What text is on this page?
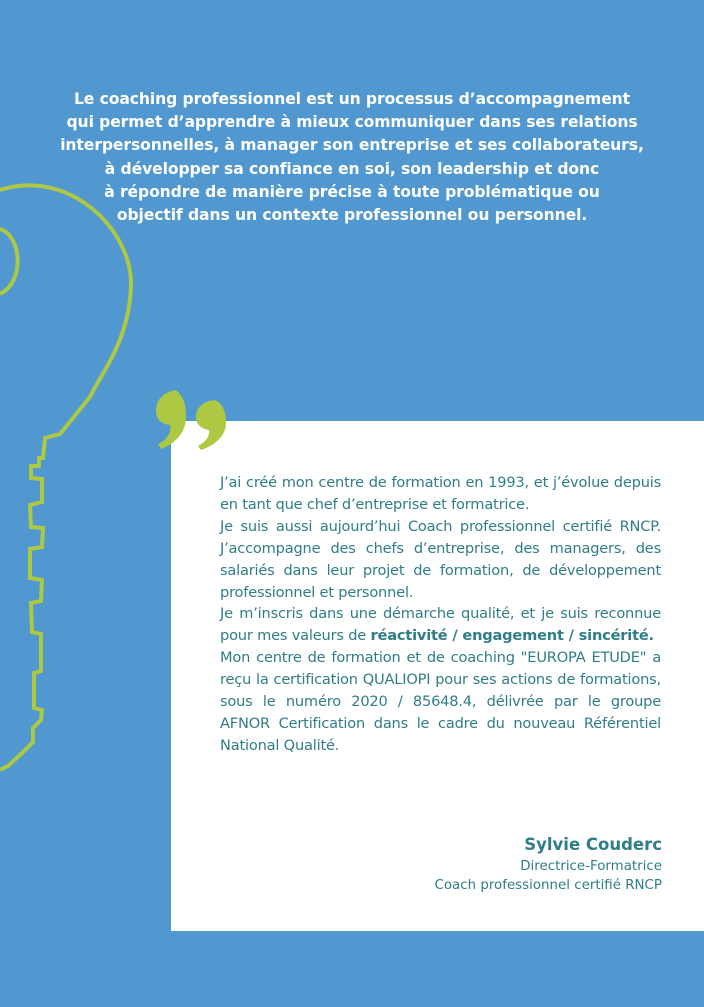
Le coaching professionnel est un processus d’accompagnement
qui permet d’apprendre à mieux communiquer dans ses relations
interpersonnelles, à manager son entreprise et ses collaborateurs,
à développer sa confiance en soi, son leadership et donc
à répondre de manière précise à toute problématique ou
objectif dans un contexte professionnel ou personnel.

J’ai créé mon centre de formation en 1993, et j’évolue depuis en tant que chef d’entreprise et formatrice.
Je suis aussi aujourd’hui Coach professionnel certifié RNCP. J’accompagne des chefs d’entreprise, des managers, des salariés dans leur projet de formation, de développement professionnel et personnel.
Je m’inscris dans une démarche qualité, et je suis reconnue pour mes valeurs de réactivité / engagement / sincérité.
Mon centre de formation et de coaching "EUROPA ETUDE" a reçu la certification QUALIOPI pour ses actions de formations, sous le numéro 2020 / 85648.4, délivrée par le groupe AFNOR Certification dans le cadre du nouveau Référentiel National Qualité.

Sylvie Couderc
Directrice-Formatrice
Coach professionnel certifié RNCP
